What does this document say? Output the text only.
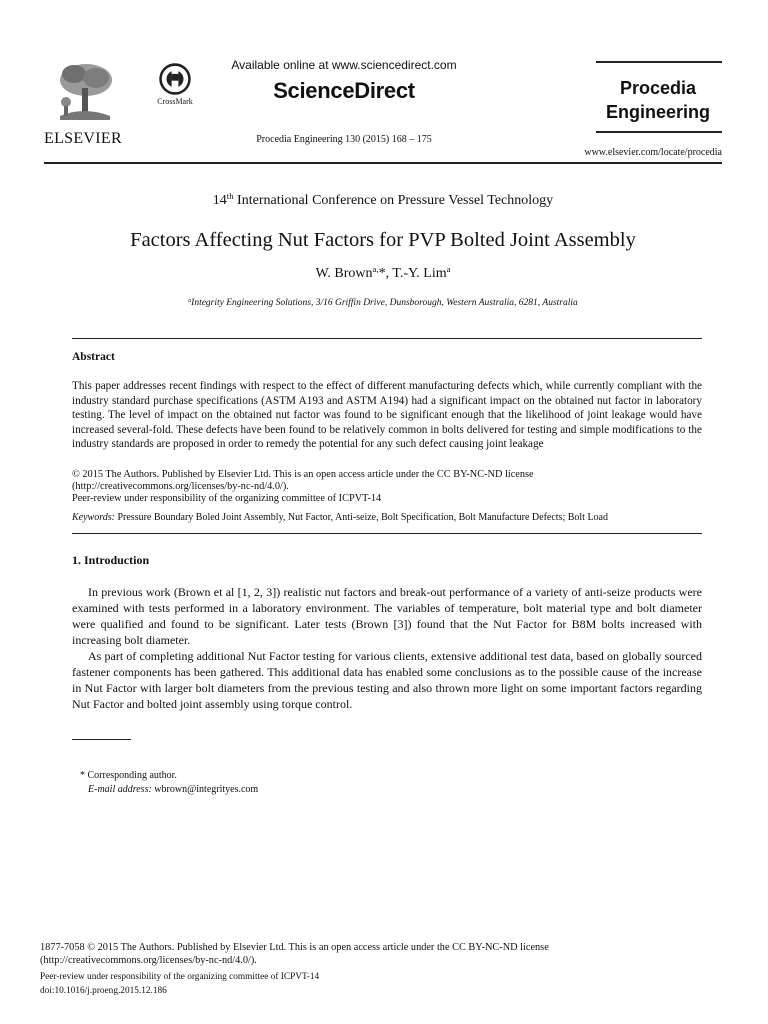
ELSEVIER
CrossMark
Available online at www.sciencedirect.com
ScienceDirect
Procedia Engineering 130 (2015) 168 – 175
Procedia
Engineering
www.elsevier.com/locate/procedia
14th International Conference on Pressure Vessel Technology
Factors Affecting Nut Factors for PVP Bolted Joint Assembly
W. Brown$^{a,}$*, T.-Y. Lim$^a$
$^a$Integrity Engineering Solutions, 3/16 Griffin Drive, Dunsborough, Western Australia, 6281, Australia
Abstract

This paper addresses recent findings with respect to the effect of different manufacturing defects which, while currently compliant with the industry standard purchase specifications (ASTM A193 and ASTM A194) had a significant impact on the obtained nut factor in laboratory testing. The level of impact on the obtained nut factor was found to be significant enough that the likelihood of joint leakage would have increased several-fold. These defects have been found to be relatively common in bolts delivered for testing and simple modifications to the industry standards are proposed in order to remedy the potential for any such defect causing joint leakage

© 2015 The Authors. Published by Elsevier Ltd. This is an open access article under the CC BY-NC-ND license
(http://creativecommons.org/licenses/by-nc-nd/4.0/).
Peer-review under responsibility of the organizing committee of ICPVT-14
Keywords: Pressure Boundary Boled Joint Assembly, Nut Factor, Anti-seize, Bolt Specification, Bolt Manufacture Defects; Bolt Load
1. Introduction

In previous work (Brown et al [1, 2, 3]) realistic nut factors and break-out performance of a variety of anti-seize products were examined with tests performed in a laboratory environment. The variables of temperature, bolt material type and bolt diameter were qualified and found to be significant. Later tests (Brown [3]) found that the Nut Factor for B8M bolts increased with increasing bolt diameter.

As part of completing additional Nut Factor testing for various clients, extensive additional test data, based on globally sourced fastener components has been gathered. This additional data has enabled some conclusions as to the possible cause of the increase in Nut Factor with larger bolt diameters from the previous testing and also thrown more light on some important factors regarding Nut Factor and bolted joint assembly using torque control.

* Corresponding author.
E-mail address: wbrown@integrityes.com
1877-7058 © 2015 The Authors. Published by Elsevier Ltd. This is an open access article under the CC BY-NC-ND license
(http://creativecommons.org/licenses/by-nc-nd/4.0/).
Peer-review under responsibility of the organizing committee of ICPVT-14
doi:10.1016/j.proeng.2015.12.186
